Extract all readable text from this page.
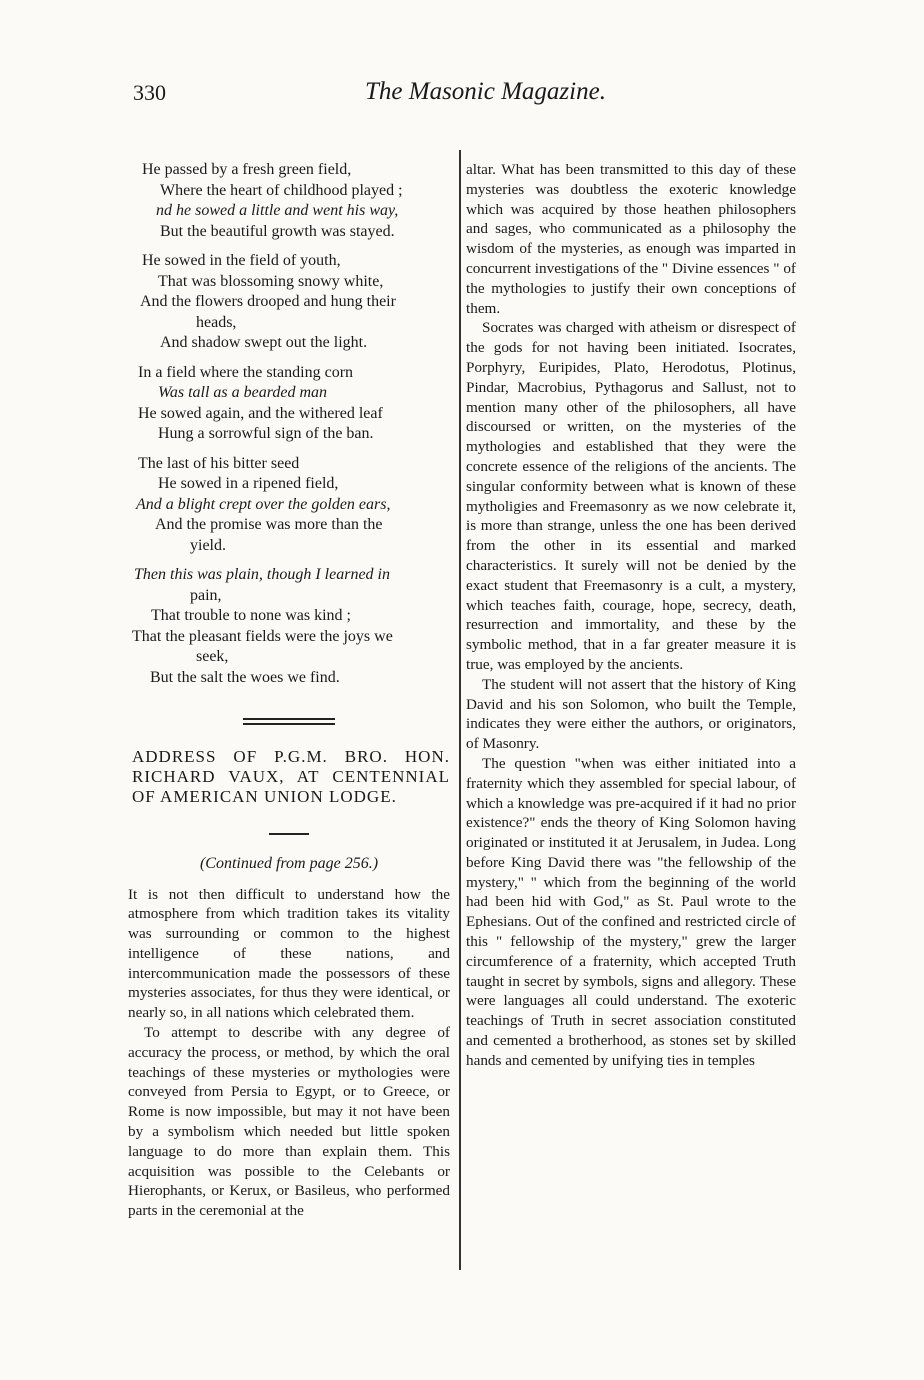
330	The Masonic Magazine.
He passed by a fresh green field,
Where the heart of childhood played ;
nd he sowed a little and went his way,
But the beautiful growth was stayed.
He sowed in the field of youth,
That was blossoming snowy white,
And the flowers drooped and hung their
heads,
And shadow swept out the light.
In a field where the standing corn
Was tall as a bearded man
He sowed again, and the withered leaf
Hung a sorrowful sign of the ban.
The last of his bitter seed
He sowed in a ripened field,
And a blight crept over the golden ears,
And the promise was more than the
yield.
Then this was plain, though I learned in
pain,
That trouble to none was kind ;
That the pleasant fields were the joys we
seek,
But the salt the woes we find.
ADDRESS OF P.G.M. BRO. HON. RICHARD VAUX, AT CENTENNIAL OF AMERICAN UNION LODGE.
(Continued from page 256.)

It is not then difficult to understand how the atmosphere from which tradition takes its vitality was surrounding or common to the highest intelligence of these nations, and intercommunication made the possessors of these mysteries associates, for thus they were identical, or nearly so, in all nations which celebrated them.

To attempt to describe with any degree of accuracy the process, or method, by which the oral teachings of these mysteries or mythologies were conveyed from Persia to Egypt, or to Greece, or Rome is now impossible, but may it not have been by a symbolism which needed but little spoken language to do more than explain them. This acquisition was possible to the Celebants or Hierophants, or Kerux, or Basileus, who performed parts in the ceremonial at the

altar. What has been transmitted to this day of these mysteries was doubtless the exoteric knowledge which was acquired by those heathen philosophers and sages, who communicated as a philosophy the wisdom of the mysteries, as enough was imparted in concurrent investigations of the " Divine essences " of the mythologies to justify their own conceptions of them.

Socrates was charged with atheism or disrespect of the gods for not having been initiated. Isocrates, Porphyry, Euripides, Plato, Herodotus, Plotinus, Pindar, Macrobius, Pythagorus and Sallust, not to mention many other of the philosophers, all have discoursed or written, on the mysteries of the mythologies and established that they were the concrete essence of the religions of the ancients. The singular conformity between what is known of these mytholigies and Freemasonry as we now celebrate it, is more than strange, unless the one has been derived from the other in its essential and marked characteristics. It surely will not be denied by the exact student that Freemasonry is a cult, a mystery, which teaches faith, courage, hope, secrecy, death, resurrection and immortality, and these by the symbolic method, that in a far greater measure it is true, was employed by the ancients.

The student will not assert that the history of King David and his son Solomon, who built the Temple, indicates they were either the authors, or originators, of Masonry.

The question "when was either initiated into a fraternity which they assembled for special labour, of which a knowledge was pre-acquired if it had no prior existence?" ends the theory of King Solomon having originated or instituted it at Jerusalem, in Judea. Long before King David there was "the fellowship of the mystery," " which from the beginning of the world had been hid with God," as St. Paul wrote to the Ephesians. Out of the confined and restricted circle of this " fellowship of the mystery," grew the larger circumference of a fraternity, which accepted Truth taught in secret by symbols, signs and allegory. These were languages all could understand. The exoteric teachings of Truth in secret association constituted and cemented a brotherhood, as stones set by skilled hands and cemented by unifying ties in temples
